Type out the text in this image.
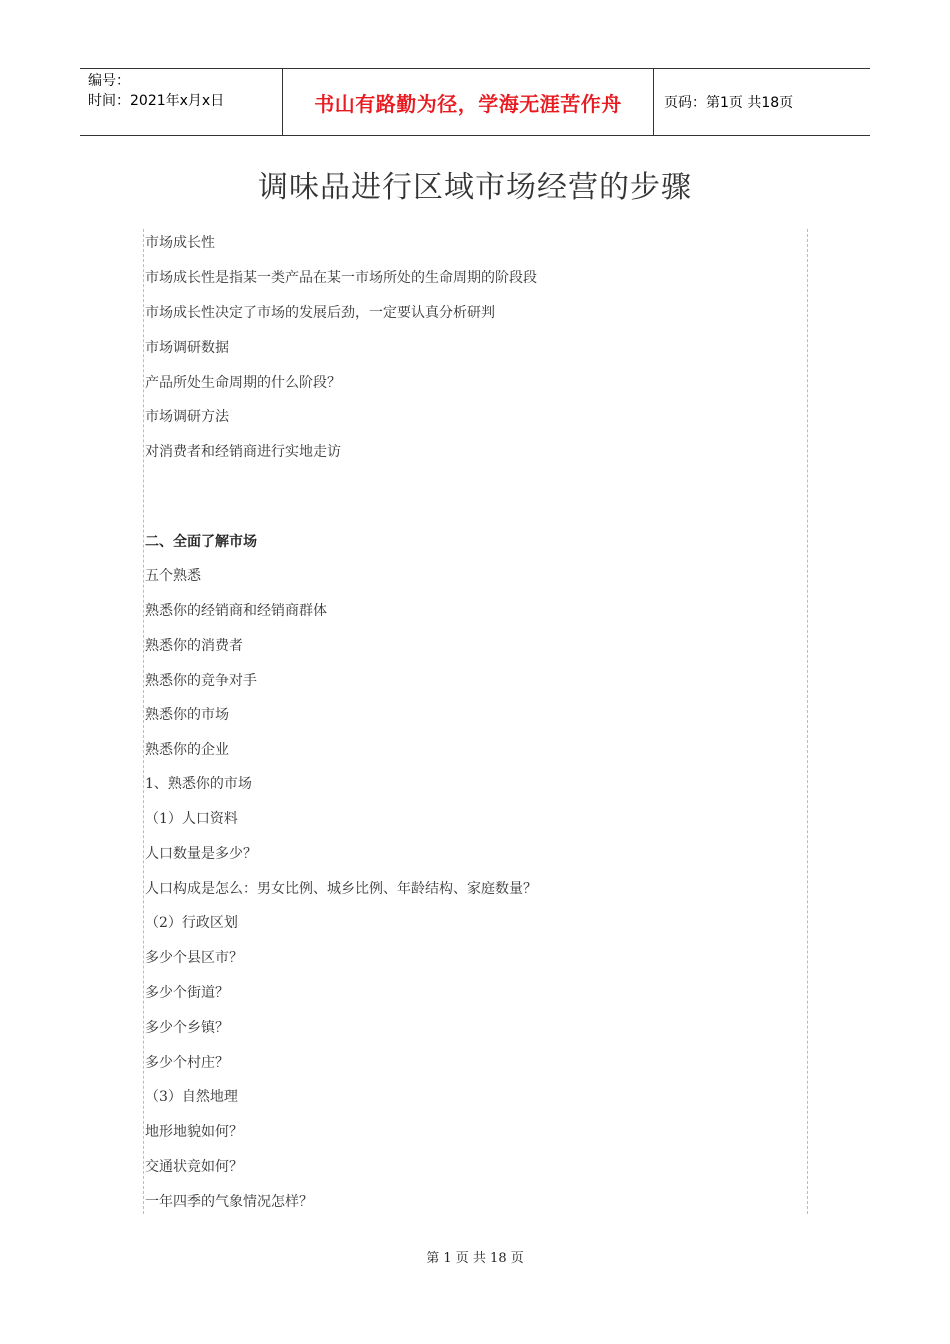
编号：
时间：2021年x月x日	书山有路勤为径，学海无涯苦作舟	页码：第1页 共18页
调味品进行区域市场经营的步骤
市场成长性
市场成长性是指某一类产品在某一市场所处的生命周期的阶段段
市场成长性决定了市场的发展后劲，一定要认真分析研判
市场调研数据
产品所处生命周期的什么阶段？
市场调研方法
对消费者和经销商进行实地走访
二、全面了解市场
五个熟悉
熟悉你的经销商和经销商群体
熟悉你的消费者
熟悉你的竞争对手
熟悉你的市场
熟悉你的企业
1、熟悉你的市场
（1）人口资料
人口数量是多少？
人口构成是怎么：男女比例、城乡比例、年龄结构、家庭数量？
（2）行政区划
多少个县区市？
多少个街道？
多少个乡镇？
多少个村庄？
（3）自然地理
地形地貌如何？
交通状竞如何？
一年四季的气象情况怎样？
第 1 页 共 18 页
